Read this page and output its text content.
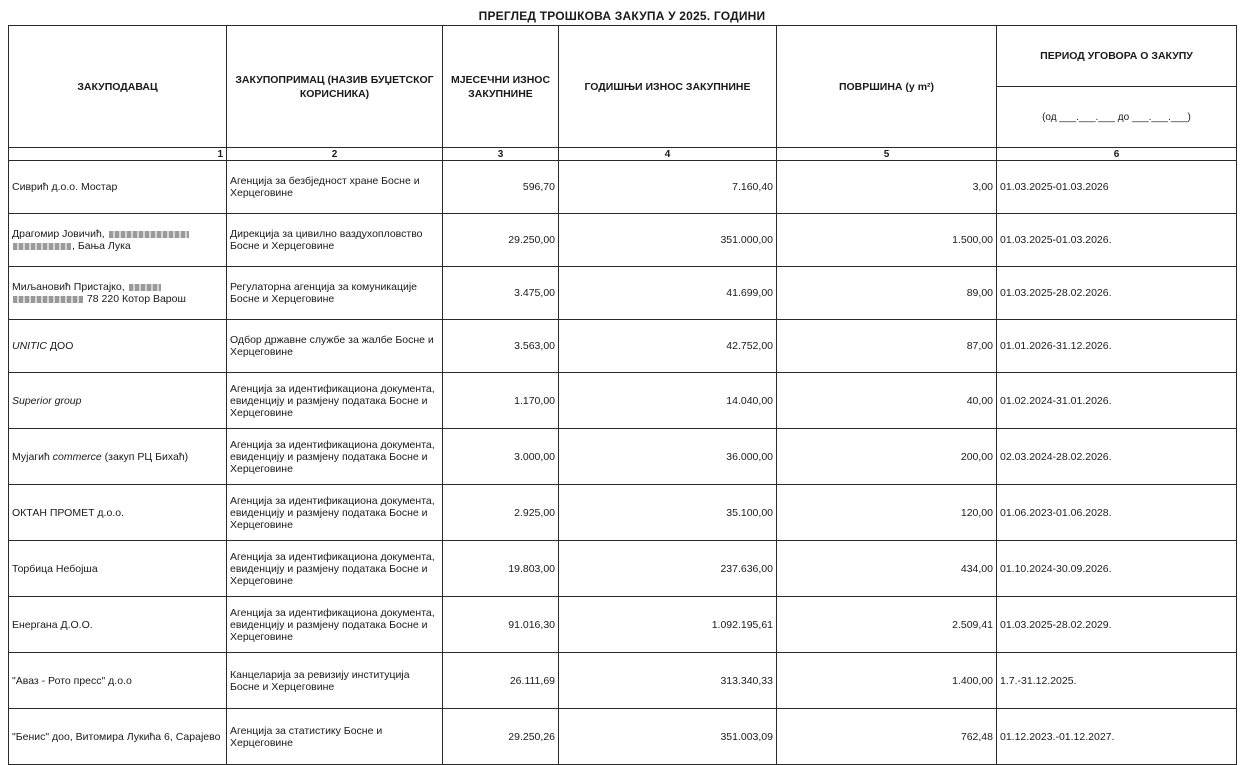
ПРЕГЛЕД ТРОШКОВА ЗАКУПА У 2025. ГОДИНИ
ЗАКУПОДАВАЦ	ЗАКУПОПРИМАЦ (НАЗИВ БУЏЕТСКОГ КОРИСНИКА)	МЈЕСЕЧНИ ИЗНОС ЗАКУПНИНЕ	ГОДИШЊИ ИЗНОС ЗАКУПНИНЕ	ПОВРШИНА (у m²)	ПЕРИОД УГОВОРА О ЗАКУПУ
					(од ___.___.___ до ___.___.___)
1	2	3	4	5	6
Сиврић д.о.о. Мостар	Агенција за безбједност хране Босне и Херцеговине	596,70	7.160,40	3,00	01.03.2025-01.03.2026
Драгомир Јовичић,
, Бања Лука	Дирекција за цивилно ваздухопловство Босне и Херцеговине	29.250,00	351.000,00	1.500,00	01.03.2025-01.03.2026.
Миљановић Пристајко,
78 220 Котор Варош	Регулаторна агенција за комуникације Босне и Херцеговине	3.475,00	41.699,00	89,00	01.03.2025-28.02.2026.
UNITIC ДОО	Одбор државне службе за жалбе Босне и Херцеговине	3.563,00	42.752,00	87,00	01.01.2026-31.12.2026.
Superior group	Агенција за идентификациона документа, евиденцију и размјену података Босне и Херцеговине	1.170,00	14.040,00	40,00	01.02.2024-31.01.2026.
Мујагић commerce (закуп РЦ Бихаћ)	Агенција за идентификациона документа, евиденцију и размјену података Босне и Херцеговине	3.000,00	36.000,00	200,00	02.03.2024-28.02.2026.
ОКТАН ПРОМЕТ д.о.о.	Агенција за идентификациона документа, евиденцију и размјену података Босне и Херцеговине	2.925,00	35.100,00	120,00	01.06.2023-01.06.2028.
Торбица Небојша	Агенција за идентификациона документа, евиденцију и размјену података Босне и Херцеговине	19.803,00	237.636,00	434,00	01.10.2024-30.09.2026.
Енергана Д.О.О.	Агенција за идентификациона документа, евиденцију и размјену података Босне и Херцеговине	91.016,30	1.092.195,61	2.509,41	01.03.2025-28.02.2029.
"Аваз - Рото пресс" д.о.о	Канцеларија за ревизију институција Босне и Херцеговине	26.111,69	313.340,33	1.400,00	1.7.-31.12.2025.
"Бенис" доо, Витомира Лукића 6, Сарајево	Агенција за статистику Босне и Херцеговине	29.250,26	351.003,09	762,48	01.12.2023.-01.12.2027.
